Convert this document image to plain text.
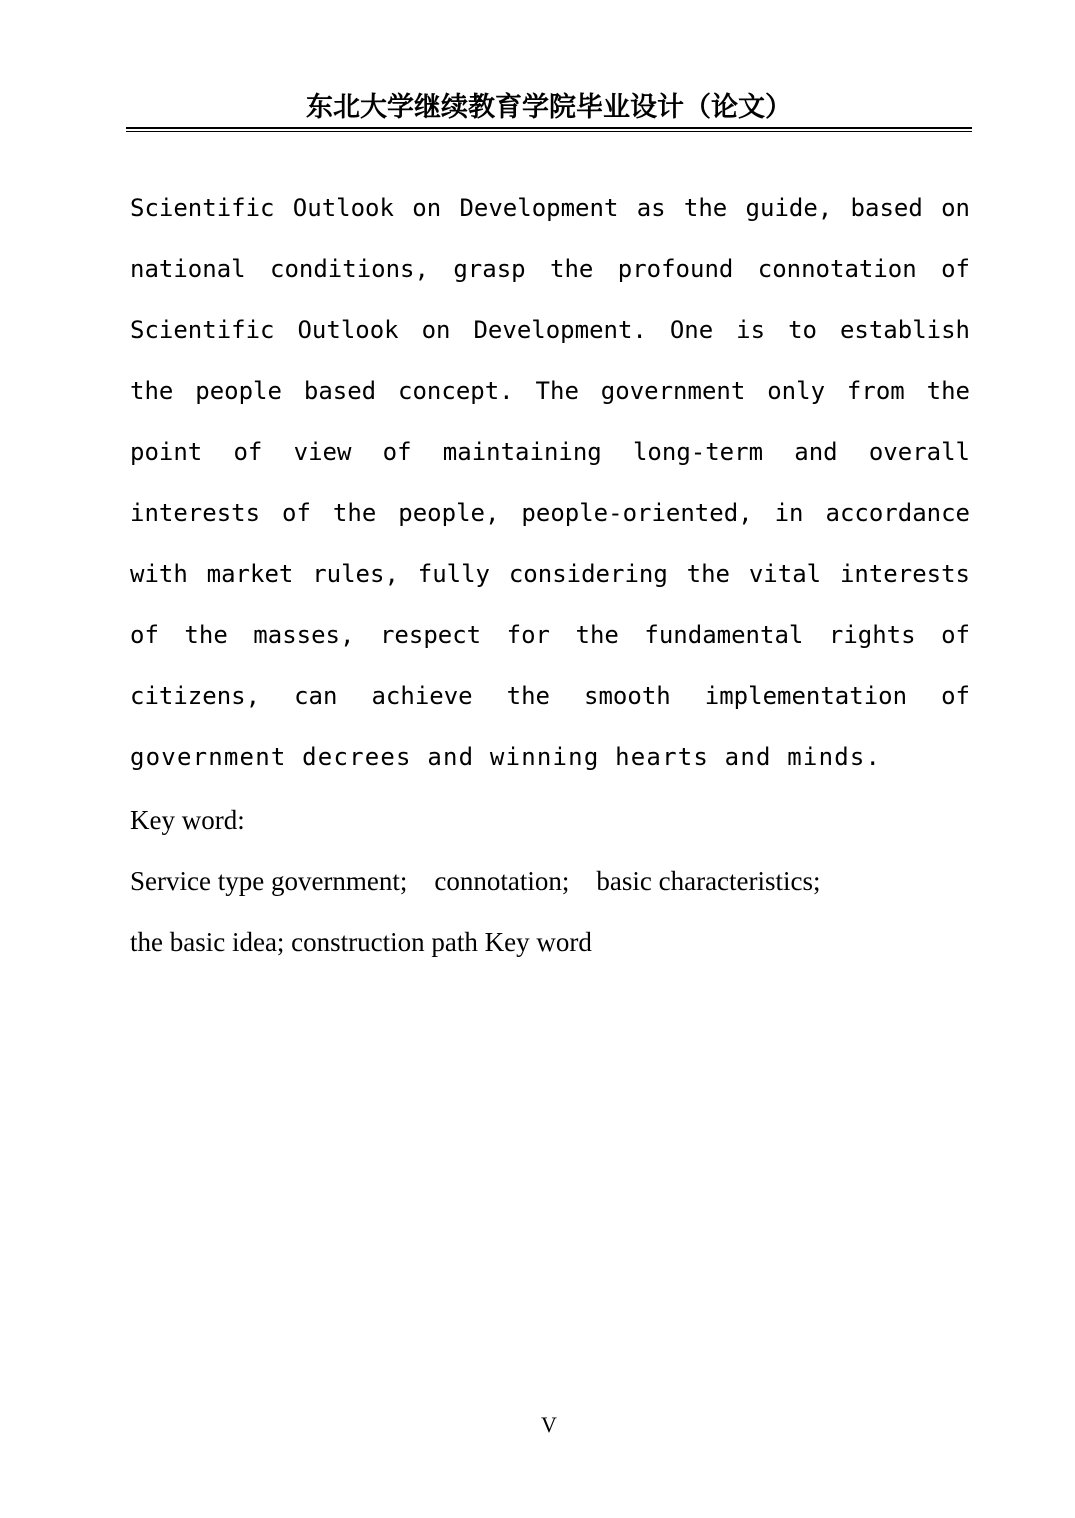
东北大学继续教育学院毕业设计（论文）
Scientific Outlook on Development as the guide, based on
national conditions, grasp the profound connotation of
Scientific Outlook on Development. One is to establish
the people based concept. The government only from the
point of view of maintaining long-term and overall
interests of the people, people-oriented, in accordance
with market rules, fully considering the vital interests
of the masses, respect for the fundamental rights of
citizens, can achieve the smooth implementation of
government decrees and winning hearts and minds.
Key word:
Service type government;    connotation;    basic characteristics;
the basic idea; construction path Key word
V
